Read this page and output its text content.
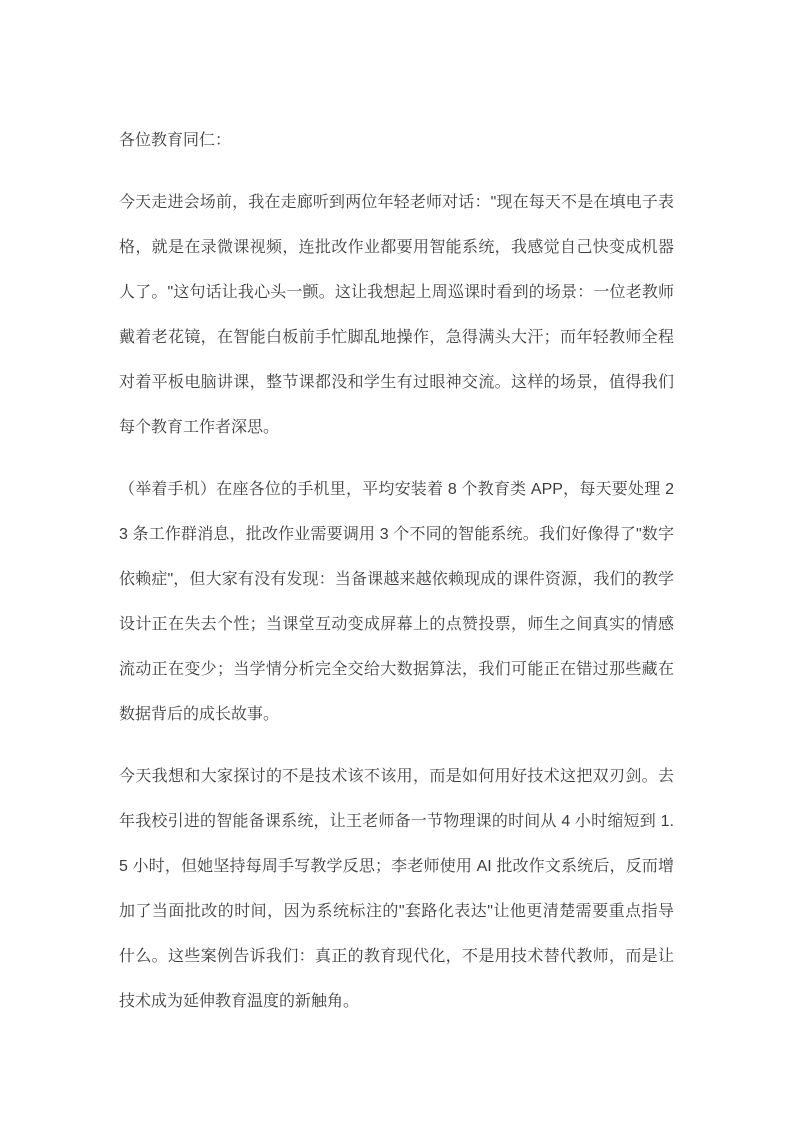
各位教育同仁：

今天走进会场前，我在走廊听到两位年轻老师对话："现在每天不是在填电子表格，就是在录微课视频，连批改作业都要用智能系统，我感觉自己快变成机器人了。"这句话让我心头一颤。这让我想起上周巡课时看到的场景：一位老教师戴着老花镜，在智能白板前手忙脚乱地操作，急得满头大汗；而年轻教师全程对着平板电脑讲课，整节课都没和学生有过眼神交流。这样的场景，值得我们每个教育工作者深思。

（举着手机）在座各位的手机里，平均安装着 8 个教育类 APP，每天要处理 23 条工作群消息，批改作业需要调用 3 个不同的智能系统。我们好像得了"数字依赖症"，但大家有没有发现：当备课越来越依赖现成的课件资源，我们的教学设计正在失去个性；当课堂互动变成屏幕上的点赞投票，师生之间真实的情感流动正在变少；当学情分析完全交给大数据算法，我们可能正在错过那些藏在数据背后的成长故事。

今天我想和大家探讨的不是技术该不该用，而是如何用好技术这把双刃剑。去年我校引进的智能备课系统，让王老师备一节物理课的时间从 4 小时缩短到 1.5 小时，但她坚持每周手写教学反思；李老师使用 AI 批改作文系统后，反而增加了当面批改的时间，因为系统标注的"套路化表达"让他更清楚需要重点指导什么。这些案例告诉我们：真正的教育现代化，不是用技术替代教师，而是让技术成为延伸教育温度的新触角。
